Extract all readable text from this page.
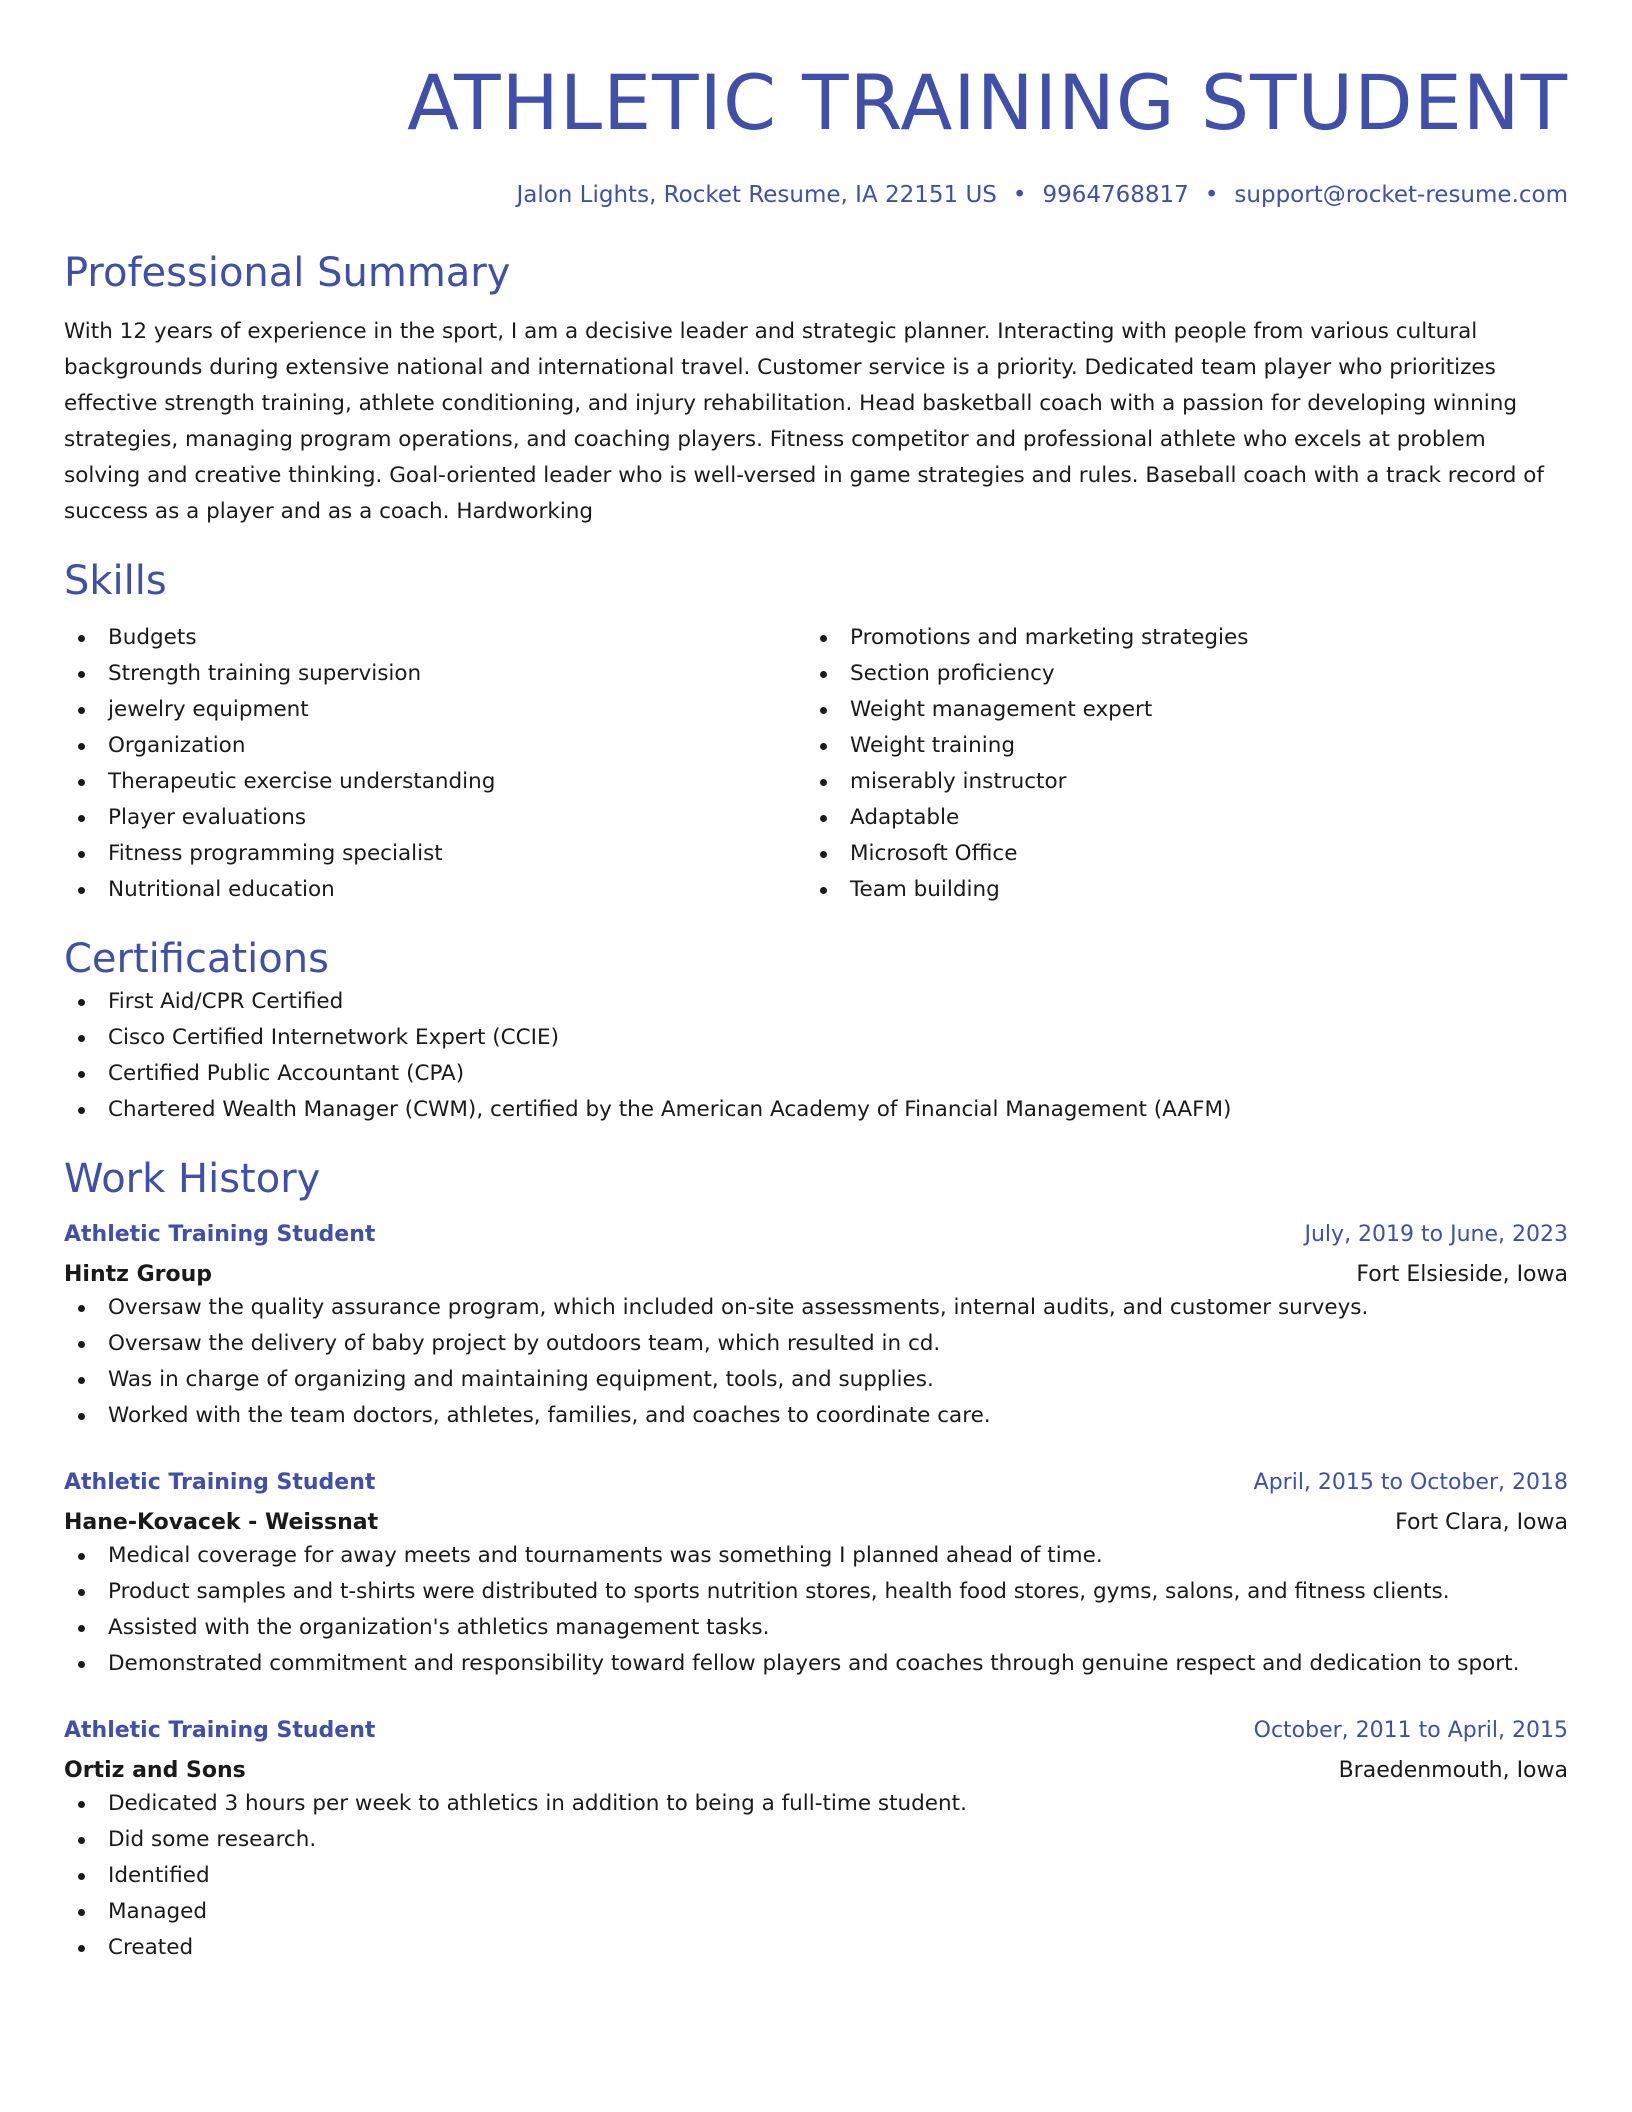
ATHLETIC TRAINING STUDENT
Jalon Lights, Rocket Resume, IA 22151 US • 9964768817 • support@rocket-resume.com
Professional Summary
With 12 years of experience in the sport, I am a decisive leader and strategic planner. Interacting with people from various cultural backgrounds during extensive national and international travel. Customer service is a priority. Dedicated team player who prioritizes effective strength training, athlete conditioning, and injury rehabilitation. Head basketball coach with a passion for developing winning strategies, managing program operations, and coaching players. Fitness competitor and professional athlete who excels at problem solving and creative thinking. Goal-oriented leader who is well-versed in game strategies and rules. Baseball coach with a track record of success as a player and as a coach. Hardworking
Skills
Budgets
Strength training supervision
jewelry equipment
Organization
Therapeutic exercise understanding
Player evaluations
Fitness programming specialist
Nutritional education
Promotions and marketing strategies
Section proficiency
Weight management expert
Weight training
miserably instructor
Adaptable
Microsoft Office
Team building
Certifications
First Aid/CPR Certified
Cisco Certified Internetwork Expert (CCIE)
Certified Public Accountant (CPA)
Chartered Wealth Manager (CWM), certified by the American Academy of Financial Management (AAFM)
Work History
Athletic Training Student	July, 2019 to June, 2023
Hintz Group	Fort Elsieside, Iowa
Oversaw the quality assurance program, which included on-site assessments, internal audits, and customer surveys.
Oversaw the delivery of baby project by outdoors team, which resulted in cd.
Was in charge of organizing and maintaining equipment, tools, and supplies.
Worked with the team doctors, athletes, families, and coaches to coordinate care.
Athletic Training Student	April, 2015 to October, 2018
Hane-Kovacek - Weissnat	Fort Clara, Iowa
Medical coverage for away meets and tournaments was something I planned ahead of time.
Product samples and t-shirts were distributed to sports nutrition stores, health food stores, gyms, salons, and fitness clients.
Assisted with the organization's athletics management tasks.
Demonstrated commitment and responsibility toward fellow players and coaches through genuine respect and dedication to sport.
Athletic Training Student	October, 2011 to April, 2015
Ortiz and Sons	Braedenmouth, Iowa
Dedicated 3 hours per week to athletics in addition to being a full-time student.
Did some research.
Identified
Managed
Created
